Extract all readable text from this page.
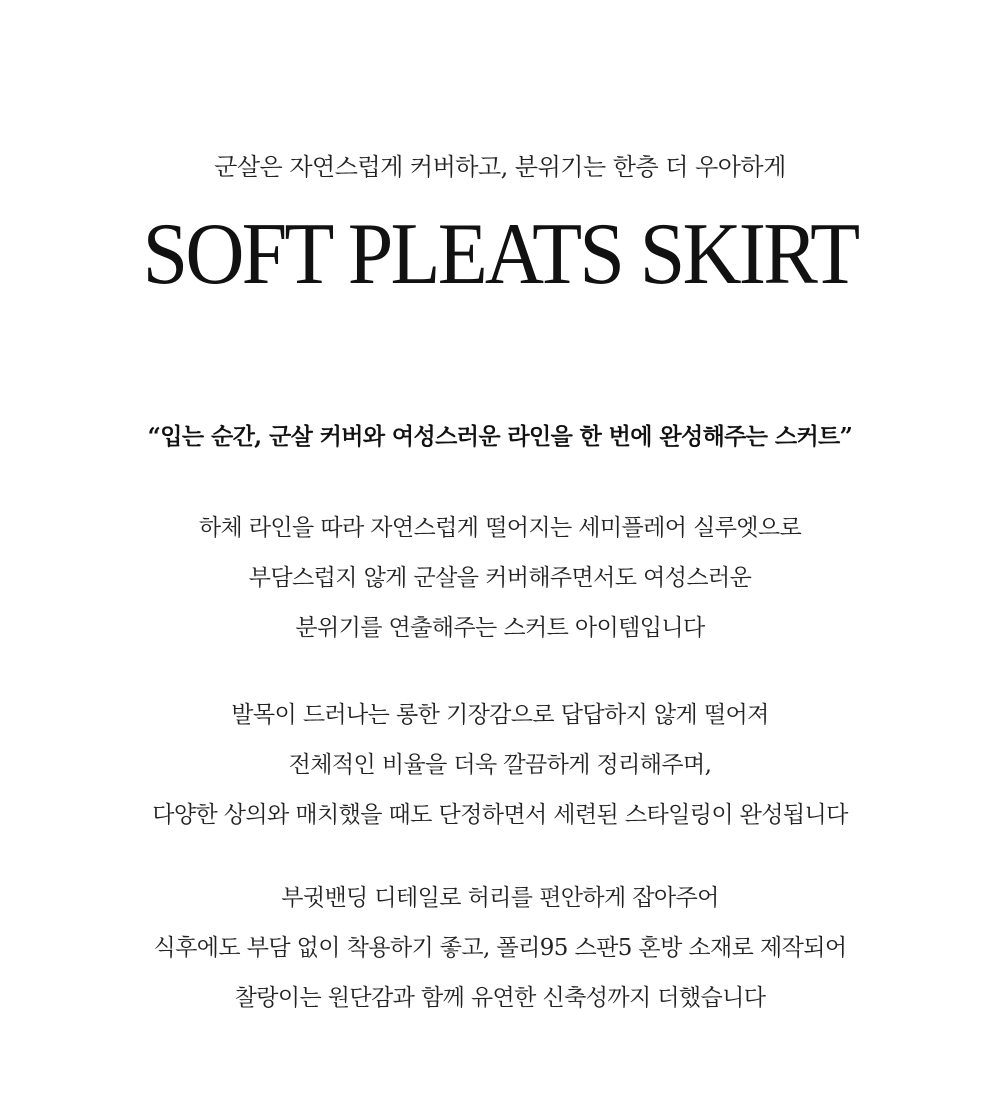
군살은 자연스럽게 커버하고, 분위기는 한층 더 우아하게
SOFT PLEATS SKIRT
“입는 순간, 군살 커버와 여성스러운 라인을 한 번에 완성해주는 스커트”
하체 라인을 따라 자연스럽게 떨어지는 세미플레어 실루엣으로
부담스럽지 않게 군살을 커버해주면서도 여성스러운
분위기를 연출해주는 스커트 아이템입니다
발목이 드러나는 롱한 기장감으로 답답하지 않게 떨어져
전체적인 비율을 더욱 깔끔하게 정리해주며,
다양한 상의와 매치했을 때도 단정하면서 세련된 스타일링이 완성됩니다
부귓밴딩 디테일로 허리를 편안하게 잡아주어
식후에도 부담 없이 착용하기 좋고, 폴리95 스판5 혼방 소재로 제작되어
찰랑이는 원단감과 함께 유연한 신축성까지 더했습니다
